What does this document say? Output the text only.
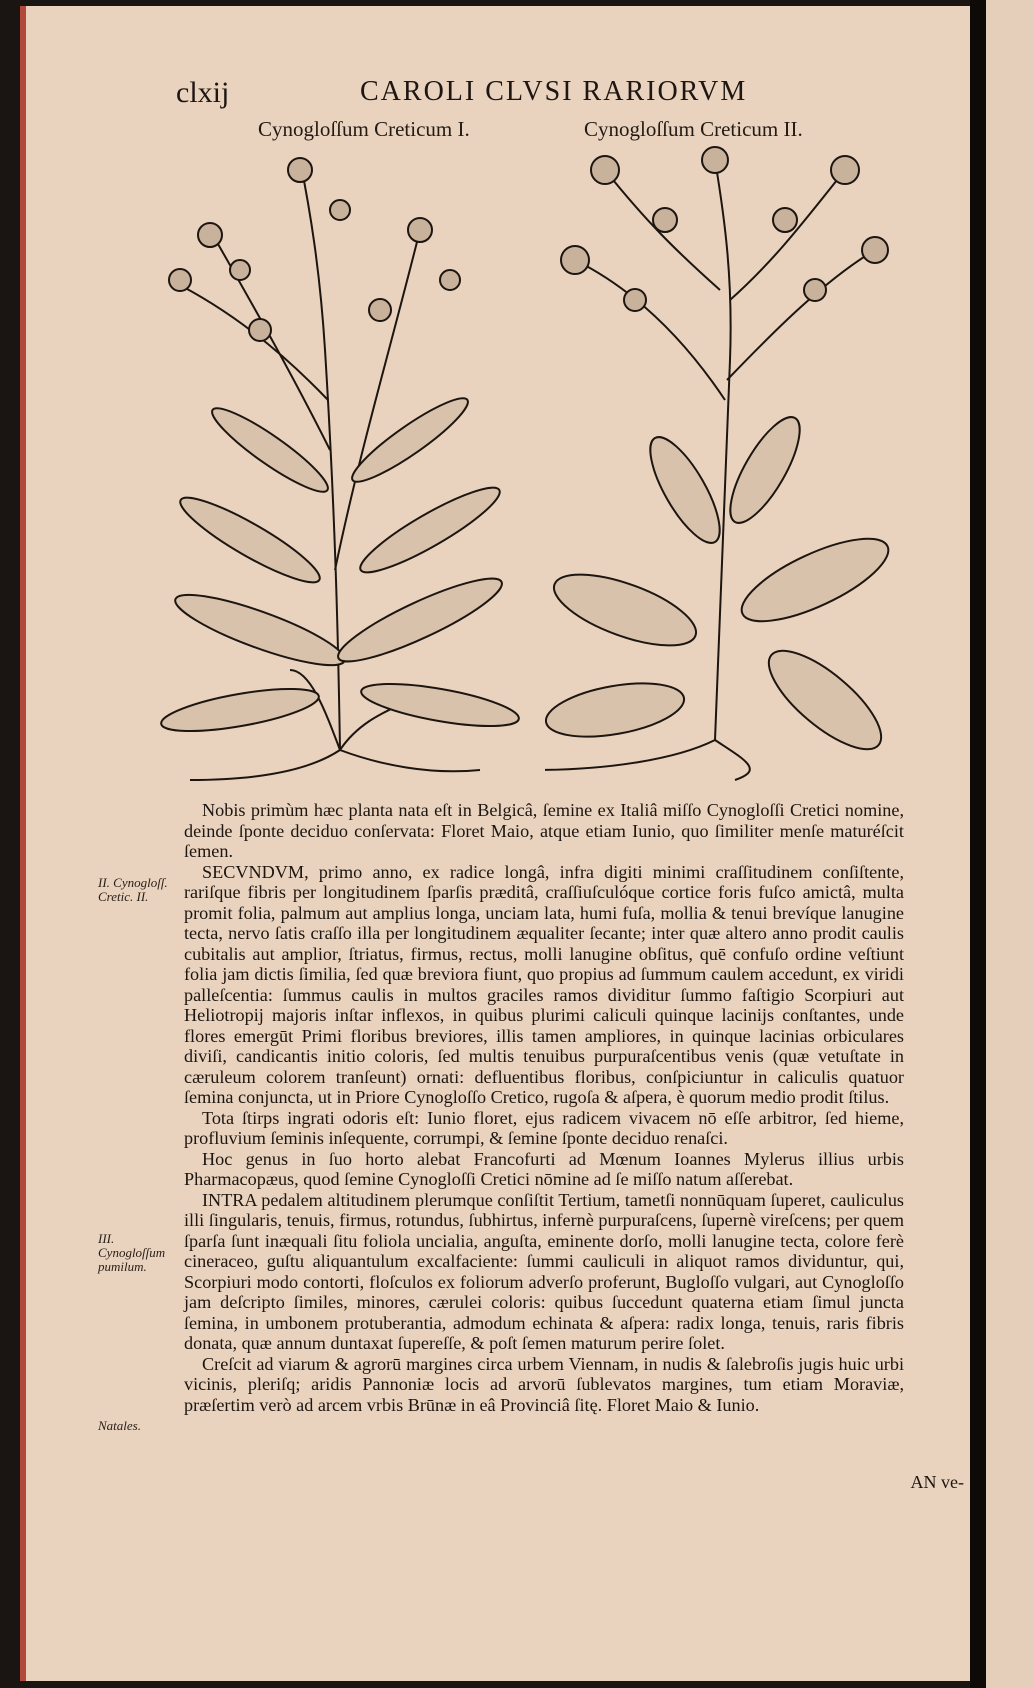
clxij	CAROLI CLVSI RARIORVM
Cynogloſſum Creticum I.	Cynogloſſum Creticum II.
II. Cynogloſſ. Cretic. II.
III. Cynogloſſum pumilum.
Natales.

Nobis primùm hæc planta nata eſt in Belgicâ, ſemine ex Italiâ miſſo Cynogloſſi Cretici nomine, deinde ſponte deciduo conſervata: Floret Maio, atque etiam Iunio, quo ſimiliter menſe maturéſcit ſemen.

SECVNDVM, primo anno, ex radice longâ, infra digiti minimi craſſitudinem conſiſtente, rariſque fibris per longitudinem ſparſis præditâ, craſſiuſculóque cortice foris fuſco amictâ, multa promit folia, palmum aut amplius longa, unciam lata, humi fuſa, mollia & tenui brevíque lanugine tecta, nervo ſatis craſſo illa per longitudinem æqualiter ſecante; inter quæ altero anno prodit caulis cubitalis aut amplior, ſtriatus, firmus, rectus, molli lanugine obſitus, quē confuſo ordine veſtiunt folia jam dictis ſimilia, ſed quæ breviora fiunt, quo propius ad ſummum caulem accedunt, ex viridi palleſcentia: ſummus caulis in multos graciles ramos dividitur ſummo faſtigio Scorpiuri aut Heliotropij majoris inſtar inflexos, in quibus plurimi caliculi quinque lacinijs conſtantes, unde flores emergūt Primi floribus breviores, illis tamen ampliores, in quinque lacinias orbiculares diviſi, candicantis initio coloris, ſed multis tenuibus purpuraſcentibus venis (quæ vetuſtate in cæruleum colorem tranſeunt) ornati: defluentibus floribus, conſpiciuntur in caliculis quatuor ſemina conjuncta, ut in Priore Cynogloſſo Cretico, rugoſa & aſpera, è quorum medio prodit ſtilus.

Tota ſtirps ingrati odoris eſt: Iunio floret, ejus radicem vivacem nō eſſe arbitror, ſed hieme, profluvium ſeminis inſequente, corrumpi, & ſemine ſponte deciduo renaſci.

Hoc genus in ſuo horto alebat Francofurti ad Mœnum Ioannes Mylerus illius urbis Pharmacopæus, quod ſemine Cynogloſſi Cretici nōmine ad ſe miſſo natum aſſerebat.

INTRA pedalem altitudinem plerumque conſiſtit Tertium, tametſi nonnūquam ſuperet, cauliculus illi ſingularis, tenuis, firmus, rotundus, ſubhirtus, infernè purpuraſcens, ſupernè vireſcens; per quem ſparſa ſunt inæquali ſitu foliola uncialia, anguſta, eminente dorſo, molli lanugine tecta, colore ferè cineraceo, guſtu aliquantulum excalfaciente: ſummi cauliculi in aliquot ramos dividuntur, qui, Scorpiuri modo contorti, floſculos ex foliorum adverſo proferunt, Bugloſſo vulgari, aut Cynogloſſo jam deſcripto ſimiles, minores, cærulei coloris: quibus ſuccedunt quaterna etiam ſimul juncta ſemina, in umbonem protuberantia, admodum echinata & aſpera: radix longa, tenuis, raris fibris donata, quæ annum duntaxat ſupereſſe, & poſt ſemen maturum perire ſolet.

Creſcit ad viarum & agrorū margines circa urbem Viennam, in nudis & ſalebroſis jugis huic urbi vicinis, pleriſq; aridis Pannoniæ locis ad arvorū ſublevatos margines, tum etiam Moraviæ, præſertim verò ad arcem vrbis Brūnæ in eâ Provinciâ ſitę. Floret Maio & Iunio.

AN ve-
